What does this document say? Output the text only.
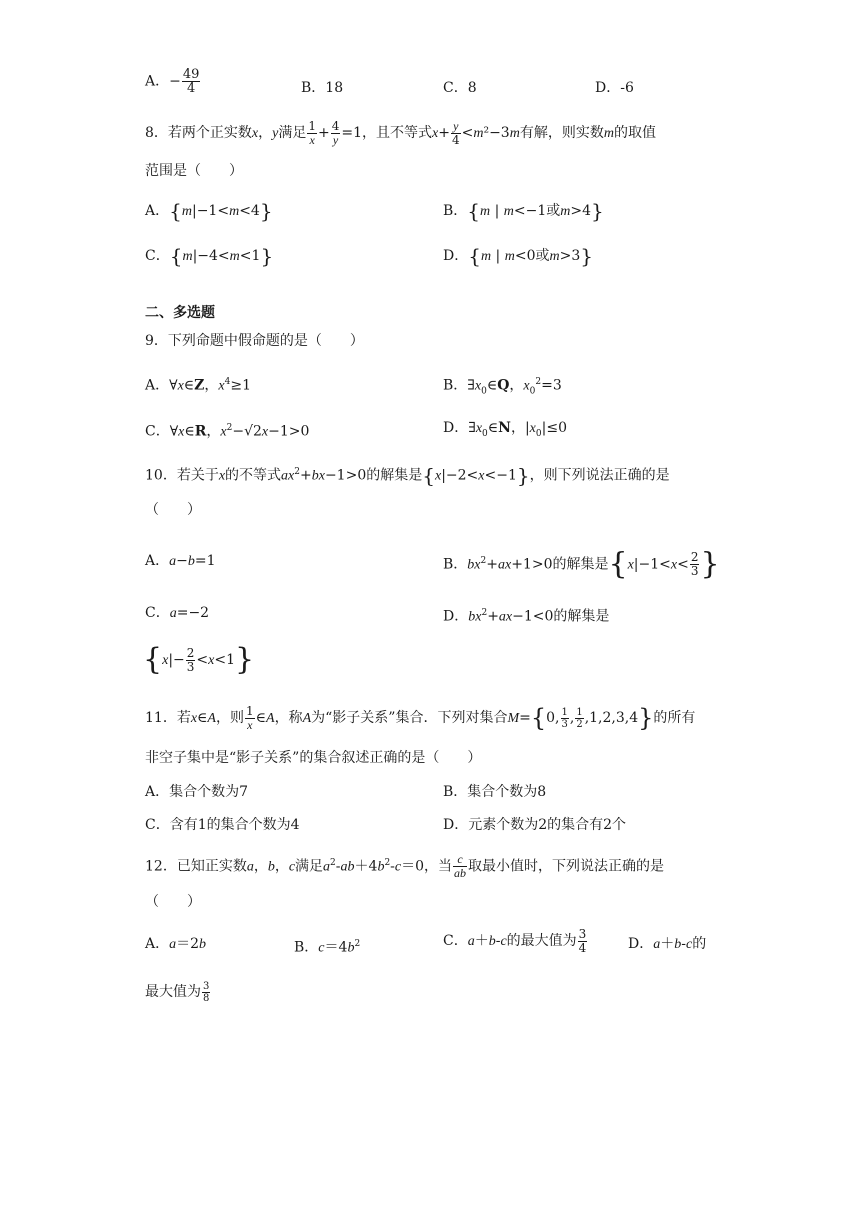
A．− $\frac{49}{4}$	B．18	C．8	D．-6
8．若两个正实数x，y满足 $\frac{1}{x} + \frac{4}{y} =1$，且不等式$x+ \frac{y}{4} <m^2-3m$有解，则实数m的取值
范围是（　　）
A．{m|−1<m<4}	B．{m | m<−1或m>4}
C．{m|−4<m<1}	D．{m | m<0或m>3}
二、多选题
9．下列命题中假命题的是（　　）
A．∀x∈Z，$x^4\ge 1$	B．$\exists x_0\in Q$，$x_0^2=3$
C．∀x∈R，$x^2-√2x-1>0$	D．$\exists x_0\in N$，$|x_0|\le 0$
10．若关于x的不等式$ax^2+bx-1>0$的解集是{x|−2<x<−1}，则下列说法正确的是
（　　）
A．a−b=1	B．$bx^2+ax+1>0$的解集是{$x|-1<x< \frac{2}{3}$ }
C．a=−2	D．$bx^2+ax-1<0$的解集是
$\{x|- \frac{2}{3} <x<1\}$
11．若x∈A，则 $\frac{1}{x}$ ∈A，称A为“影子关系”集合．下列对集合M={0, $\frac{1}{3}$ , $\frac{1}{2} ,1,2,3,4$}的所有
非空子集中是“影子关系”的集合叙述正确的是（　　）
A．集合个数为7	B．集合个数为8
C．含有1的集合个数为4	D．元素个数为2的集合有2个
12．已知正实数a，b，c满足$a^2-ab+4b^2-c=0$，当 $\frac{c}{ab}$ 取最小值时，下列说法正确的是
（　　）
A．a＝2b	B．$c=4b^2$	C．a＋b-c的最大值为 $\frac{3}{4}$	D．a＋b-c的
最大值为 $\frac{3}{8}$
